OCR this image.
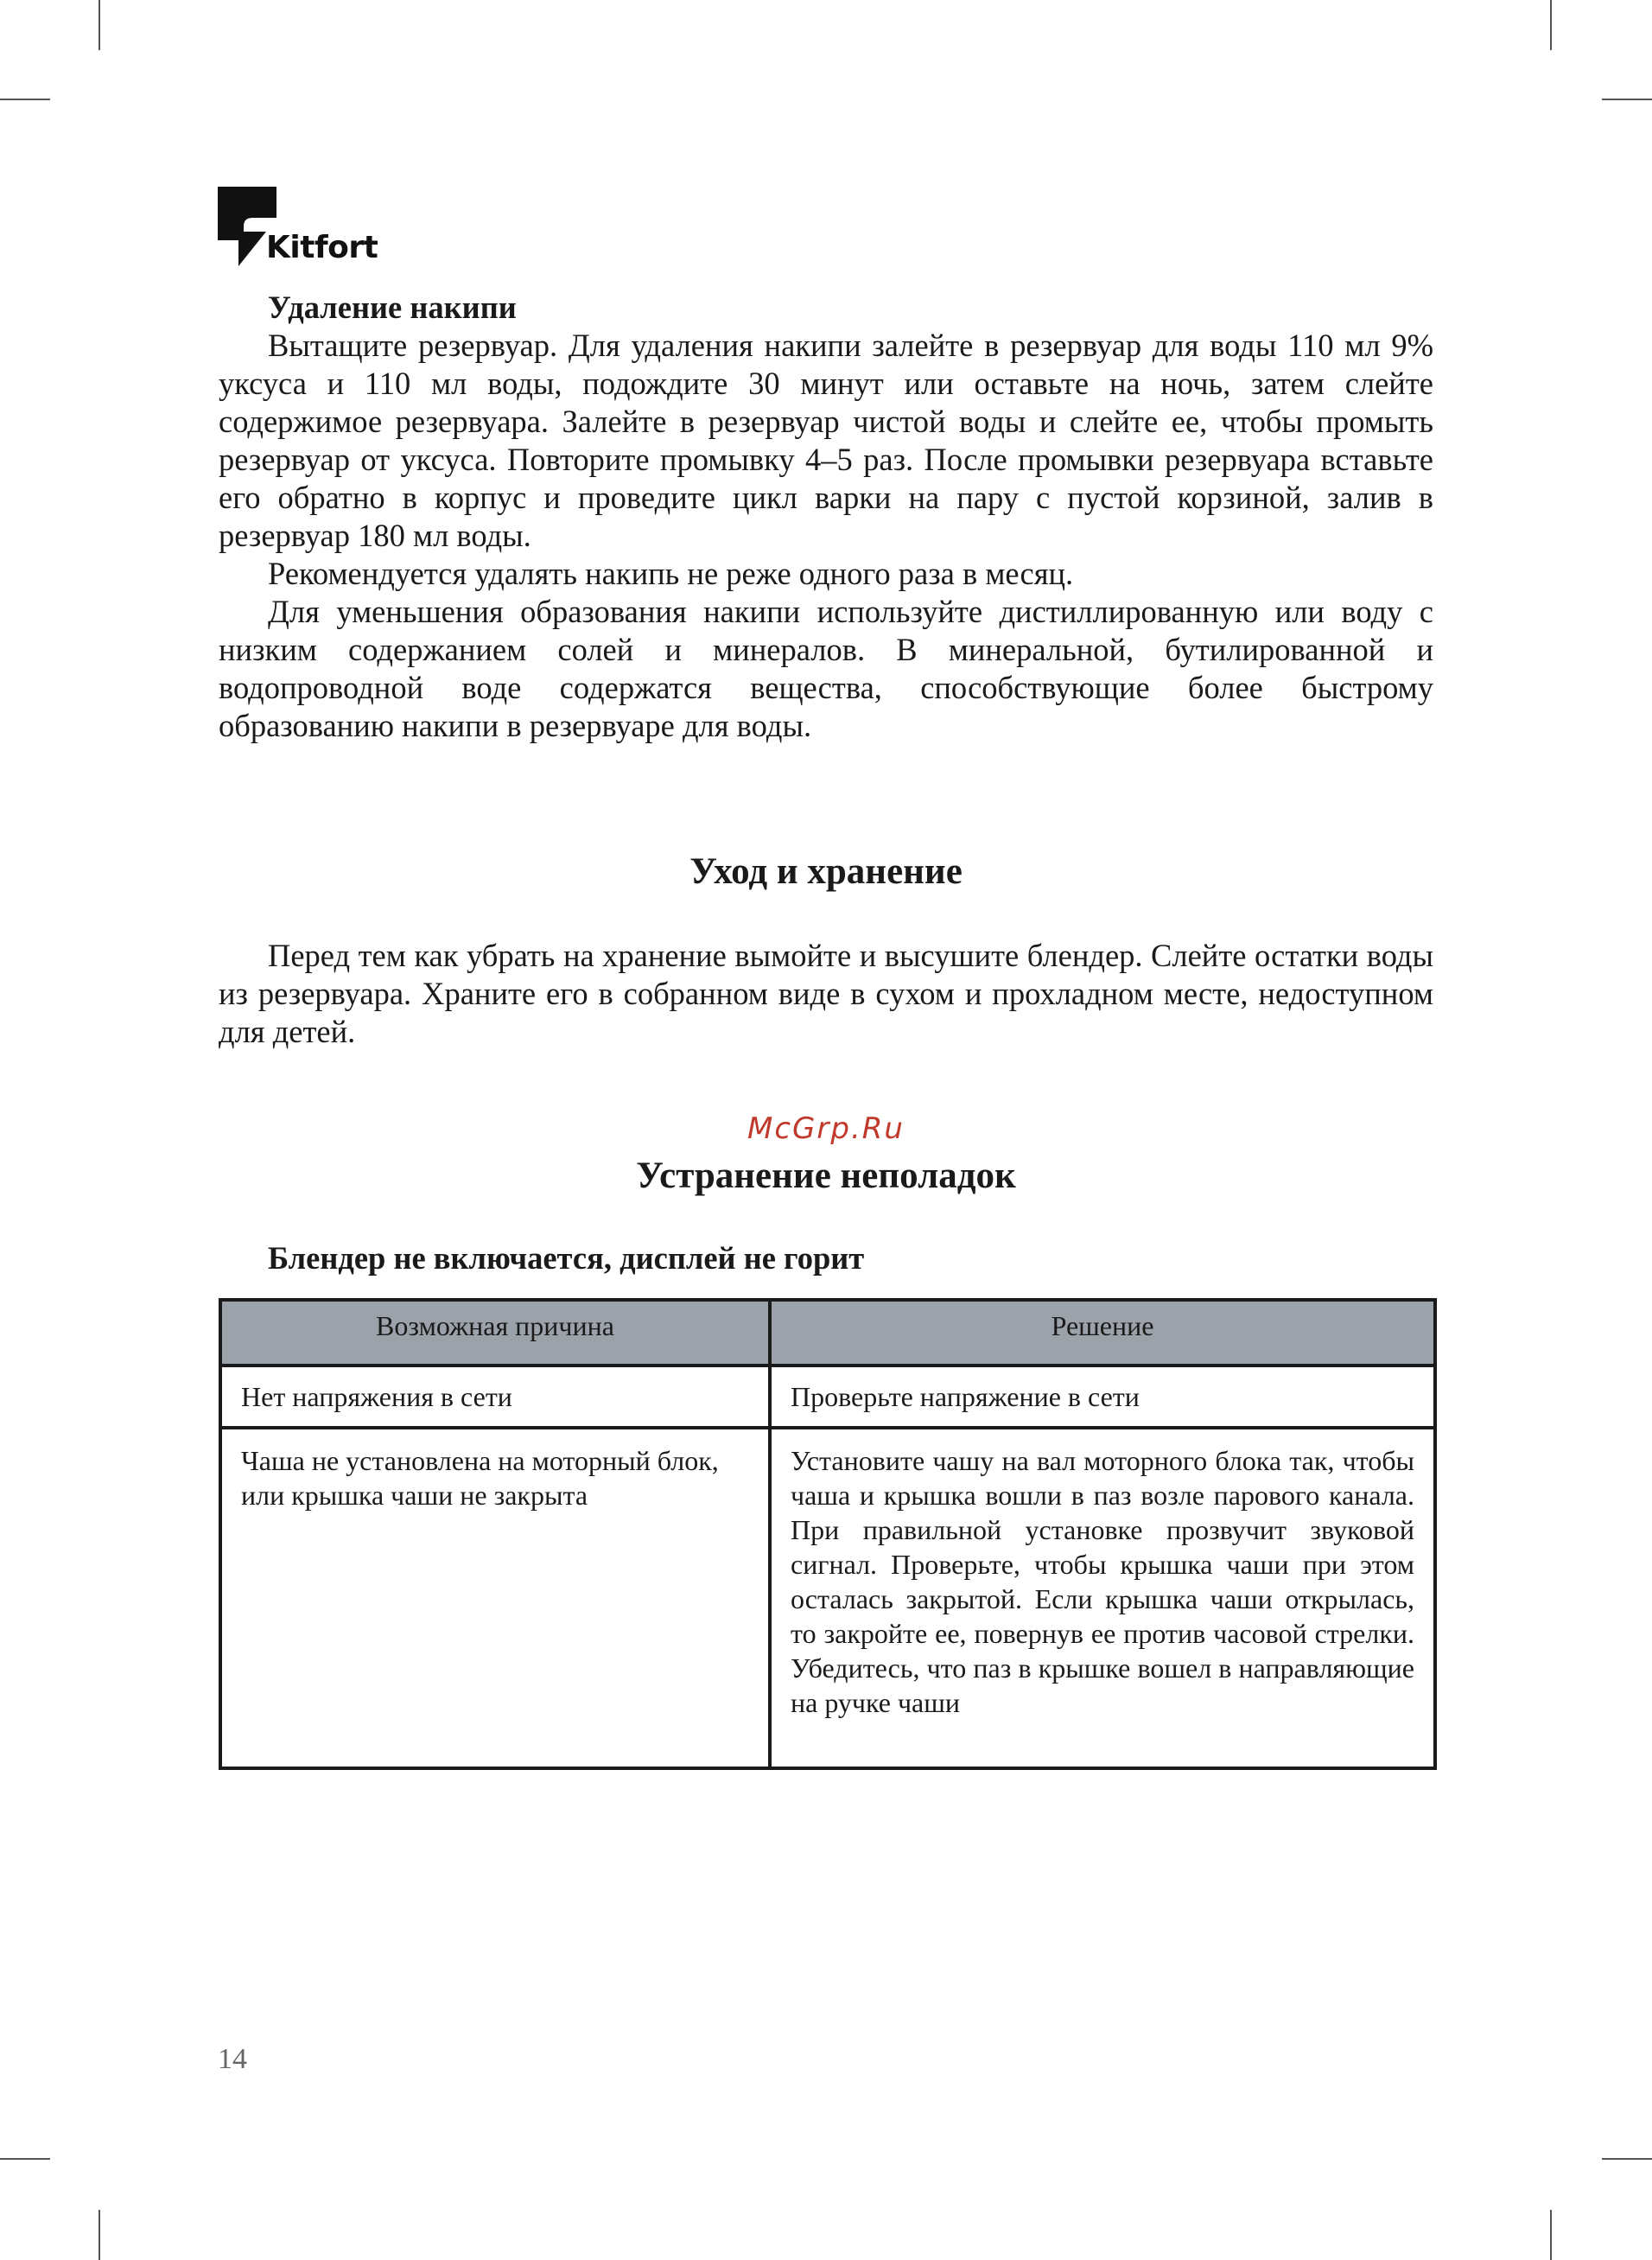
Kitfort

Удаление накипи

Вытащите резервуар. Для удаления накипи залейте в резервуар для воды 110 мл 9% уксуса и 110 мл воды, подождите 30 минут или оставьте на ночь, затем слейте содержимое резервуара. Залейте в резервуар чистой воды и слейте ее, чтобы промыть резервуар от уксуса. Повторите промывку 4–5 раз. После промывки резервуара вставьте его обратно в корпус и проведите цикл варки на пару с пустой корзиной, залив в резервуар 180 мл воды.

Рекомендуется удалять накипь не реже одного раза в месяц.

Для уменьшения образования накипи используйте дистиллированную или воду с низким содержанием солей и минералов. В минеральной, бутилированной и водопроводной воде содержатся вещества, способствующие более быстрому образованию накипи в резервуаре для воды.

Уход и хранение

Перед тем как убрать на хранение вымойте и высушите блендер. Слейте остатки воды из резервуара. Храните его в собранном виде в сухом и прохладном месте, недоступном для детей.

McGrp.Ru
Устранение неполадок

Блендер не включается, дисплей не горит

Возможная причина	Решение
Нет напряжения в сети	Проверьте напряжение в сети
Чаша не установлена на моторный блок, или крышка чаши не закрыта	Установите чашу на вал моторного блока так, чтобы чаша и крышка вошли в паз возле парового канала. При правильной установке прозвучит звуковой сигнал. Проверьте, чтобы крышка чаши при этом осталась закрытой. Если крышка чаши открылась, то закройте ее, повернув ее против часовой стрелки. Убедитесь, что паз в крышке вошел в направляющие на ручке чаши
14
